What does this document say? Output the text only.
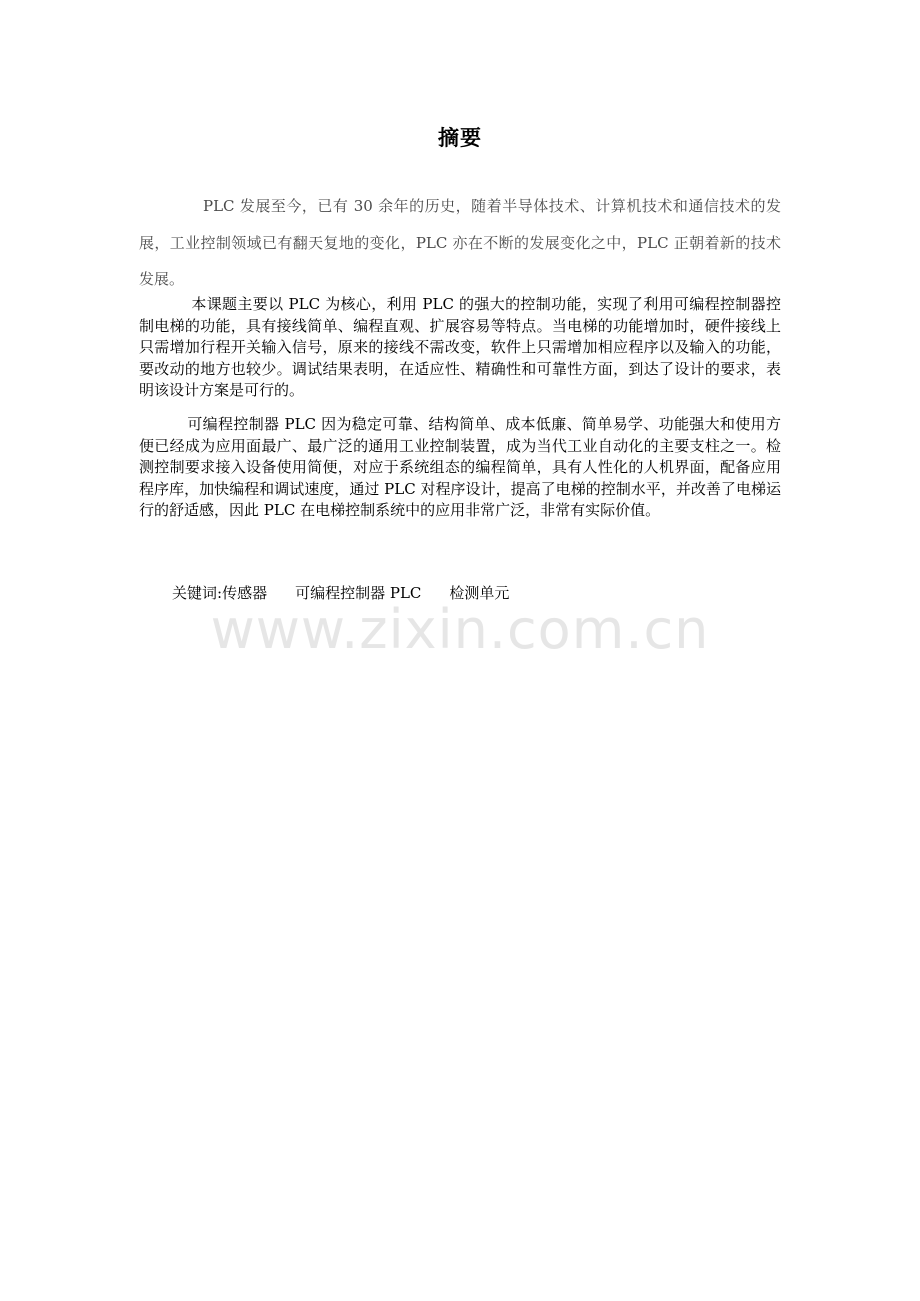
www.zixin.com.cn
摘要

PLC 发展至今，已有 30 余年的历史，随着半导体技术、计算机技术和通信技术的发展，工业控制领域已有翻天复地的变化，PLC 亦在不断的发展变化之中，PLC 正朝着新的技术发展。

本课题主要以 PLC 为核心，利用 PLC 的强大的控制功能，实现了利用可编程控制器控制电梯的功能，具有接线简单、编程直观、扩展容易等特点。当电梯的功能增加时，硬件接线上只需增加行程开关输入信号，原来的接线不需改变，软件上只需增加相应程序以及输入的功能，要改动的地方也较少。调试结果表明，在适应性、精确性和可靠性方面，到达了设计的要求，表明该设计方案是可行的。

可编程控制器 PLC 因为稳定可靠、结构简单、成本低廉、简单易学、功能强大和使用方便已经成为应用面最广、最广泛的通用工业控制装置，成为当代工业自动化的主要支柱之一。检测控制要求接入设备使用简便，对应于系统组态的编程简单，具有人性化的人机界面，配备应用程序库，加快编程和调试速度，通过 PLC 对程序设计，提高了电梯的控制水平，并改善了电梯运行的舒适感，因此 PLC 在电梯控制系统中的应用非常广泛，非常有实际价值。

关键词:传感器 可编程控制器 PLC 检测单元
